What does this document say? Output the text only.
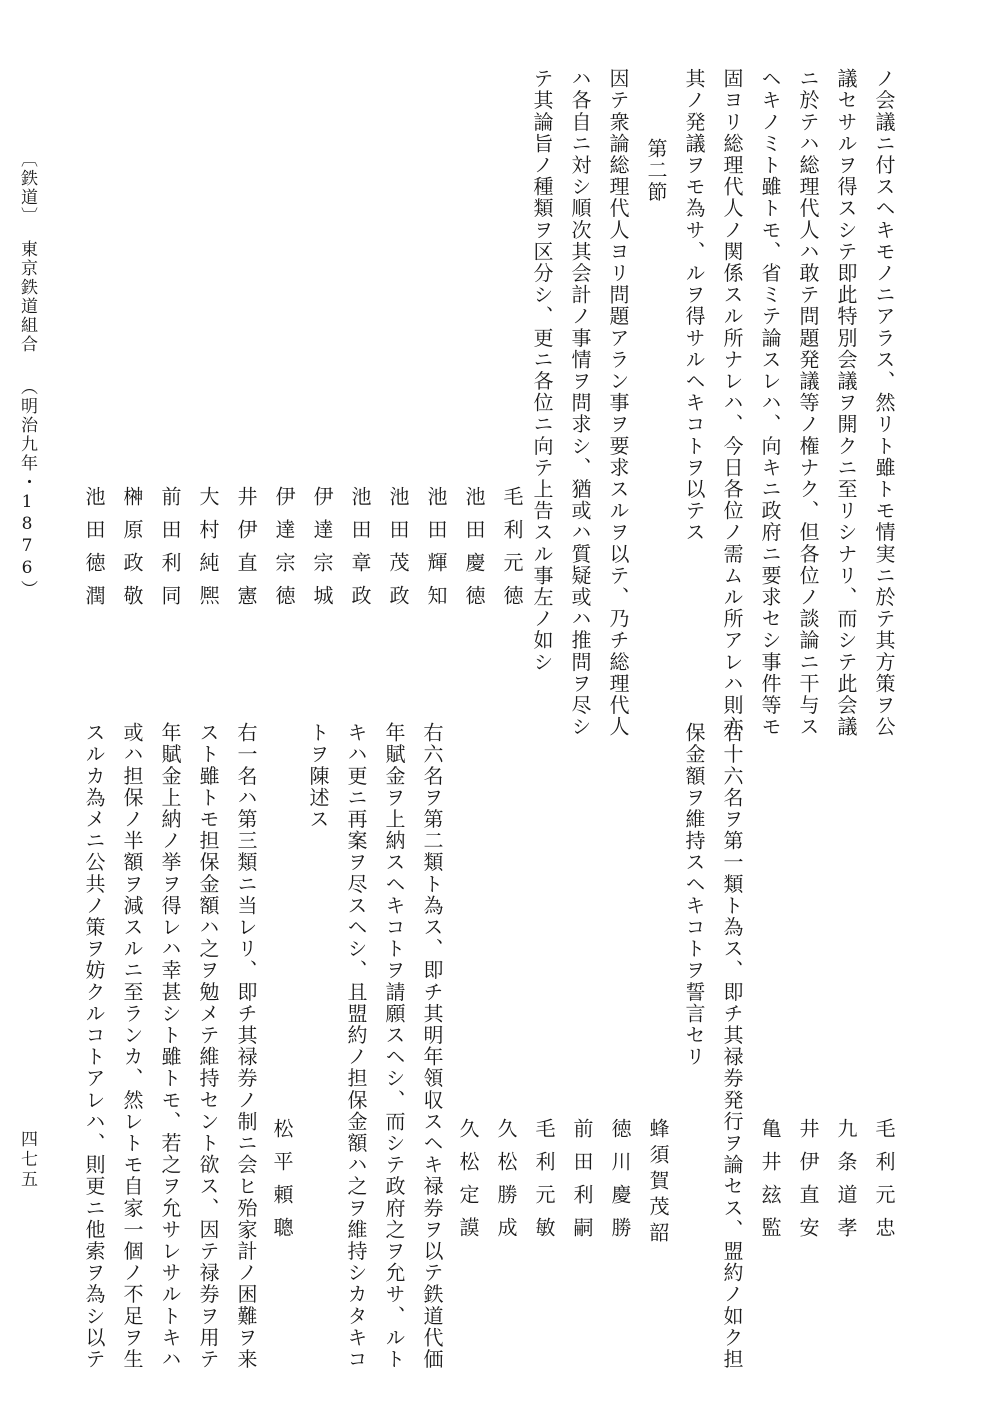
ノ会議ニ付スヘキモノニアラス、然リト雖トモ情実ニ於テ其方策ヲ公
議セサルヲ得スシテ即此特別会議ヲ開クニ至リシナリ、而シテ此会議
ニ於テハ総理代人ハ敢テ問題発議等ノ権ナク、但各位ノ談論ニ干与ス
ヘキノミト雖トモ、省ミテ論スレハ、向キニ政府ニ要求セシ事件等モ
固ヨリ総理代人ノ関係スル所ナレハ、今日各位ノ需ムル所アレハ則亦
其ノ発議ヲモ為サ、ルヲ得サルヘキコトヲ以テス
第二節
因テ衆論総理代人ヨリ問題アラン事ヲ要求スルヲ以テ、乃チ総理代人
ハ各自ニ対シ順次其会計ノ事情ヲ問求シ、猶或ハ質疑或ハ推問ヲ尽シ
テ其論旨ノ種類ヲ区分シ、更ニ各位ニ向テ上告スル事左ノ如シ
毛利元徳
池田慶徳
池田輝知
池田茂政
池田章政
伊達宗城
伊達宗徳
井伊直憲
大村純熈
前田利同
榊原政敬
池田徳潤
〔鉄道〕
東京鉄道組合
（明治九年・1876）
毛利元忠
九条道孝
井伊直安
亀井玆監
右十六名ヲ第一類ト為ス、即チ其禄券発行ヲ論セス、盟約ノ如ク担
保金額ヲ維持スヘキコトヲ誓言セリ
蜂須賀茂韶
徳川慶勝
前田利嗣
毛利元敏
久松勝成
久松定謨
右六名ヲ第二類ト為ス、即チ其明年領収スヘキ禄券ヲ以テ鉄道代価
年賦金ヲ上納スヘキコトヲ請願スヘシ、而シテ政府之ヲ允サ、ルト
キハ更ニ再案ヲ尽スヘシ、且盟約ノ担保金額ハ之ヲ維持シカタキコ
トヲ陳述ス
松平頼聰
右一名ハ第三類ニ当レリ、即チ其禄券ノ制ニ会ヒ殆家計ノ困難ヲ来
スト雖トモ担保金額ハ之ヲ勉メテ維持セント欲ス、因テ禄券ヲ用テ
年賦金上納ノ挙ヲ得レハ幸甚シト雖トモ、若之ヲ允サレサルトキハ
或ハ担保ノ半額ヲ減スルニ至ランカ、然レトモ自家一個ノ不足ヲ生
スルカ為メニ公共ノ策ヲ妨クルコトアレハ、則更ニ他索ヲ為シ以テ
四七五
